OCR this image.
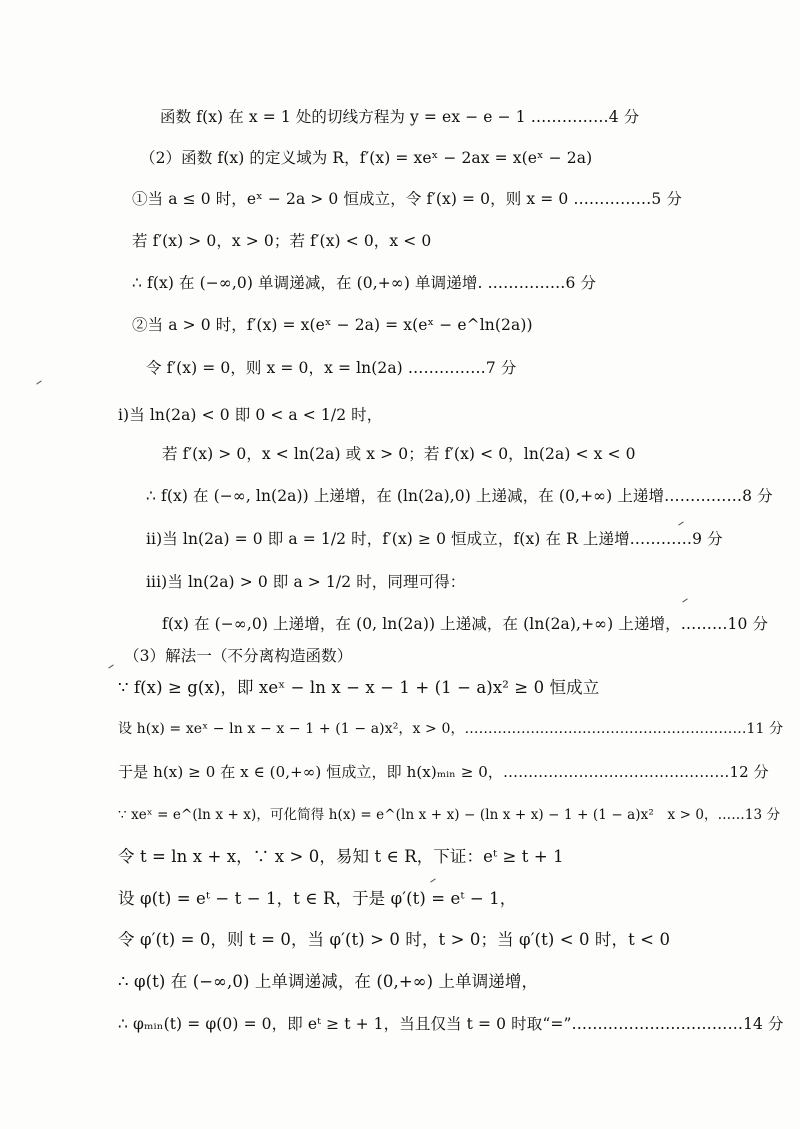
函数 f(x) 在 x = 1 处的切线方程为 y = ex − e − 1 ……………4 分
（2）函数 f(x) 的定义域为 R，f′(x) = xeˣ − 2ax = x(eˣ − 2a)
①当 a ≤ 0 时，eˣ − 2a > 0 恒成立，令 f′(x) = 0，则 x = 0 ……………5 分
若 f′(x) > 0，x > 0；若 f′(x) < 0，x < 0
∴ f(x) 在 (−∞,0) 单调递减，在 (0,+∞) 单调递增. ……………6 分
②当 a > 0 时，f′(x) = x(eˣ − 2a) = x(eˣ − e^ln(2a))
令 f′(x) = 0，则 x = 0，x = ln(2a) ……………7 分
i)当 ln(2a) < 0 即 0 < a < 1/2 时，
若 f′(x) > 0，x < ln(2a) 或 x > 0；若 f′(x) < 0，ln(2a) < x < 0
∴ f(x) 在 (−∞, ln(2a)) 上递增，在 (ln(2a),0) 上递减，在 (0,+∞) 上递增……………8 分
ii)当 ln(2a) = 0 即 a = 1/2 时，f′(x) ≥ 0 恒成立，f(x) 在 R 上递增…………9 分
iii)当 ln(2a) > 0 即 a > 1/2 时，同理可得：
f(x) 在 (−∞,0) 上递增，在 (0, ln(2a)) 上递减，在 (ln(2a),+∞) 上递增，………10 分
（3）解法一（不分离构造函数）
∵ f(x) ≥ g(x)，即 xeˣ − ln x − x − 1 + (1 − a)x² ≥ 0 恒成立
设 h(x) = xeˣ − ln x − x − 1 + (1 − a)x²，x > 0，……………………………………………………11 分
于是 h(x) ≥ 0 在 x ∈ (0,+∞) 恒成立，即 h(x)ₘᵢₙ ≥ 0，………………………………………12 分
∵ xeˣ = e^(ln x + x)，可化简得 h(x) = e^(ln x + x) − (ln x + x) − 1 + (1 − a)x²　x > 0，……13 分
令 t = ln x + x，∵ x > 0，易知 t ∈ R，下证：eᵗ ≥ t + 1
设 φ(t) = eᵗ − t − 1，t ∈ R，于是 φ′(t) = eᵗ − 1，
令 φ′(t) = 0，则 t = 0，当 φ′(t) > 0 时，t > 0；当 φ′(t) < 0 时，t < 0
∴ φ(t) 在 (−∞,0) 上单调递减，在 (0,+∞) 上单调递增，
∴ φₘᵢₙ(t) = φ(0) = 0，即 eᵗ ≥ t + 1，当且仅当 t = 0 时取“=”……………………………14 分
